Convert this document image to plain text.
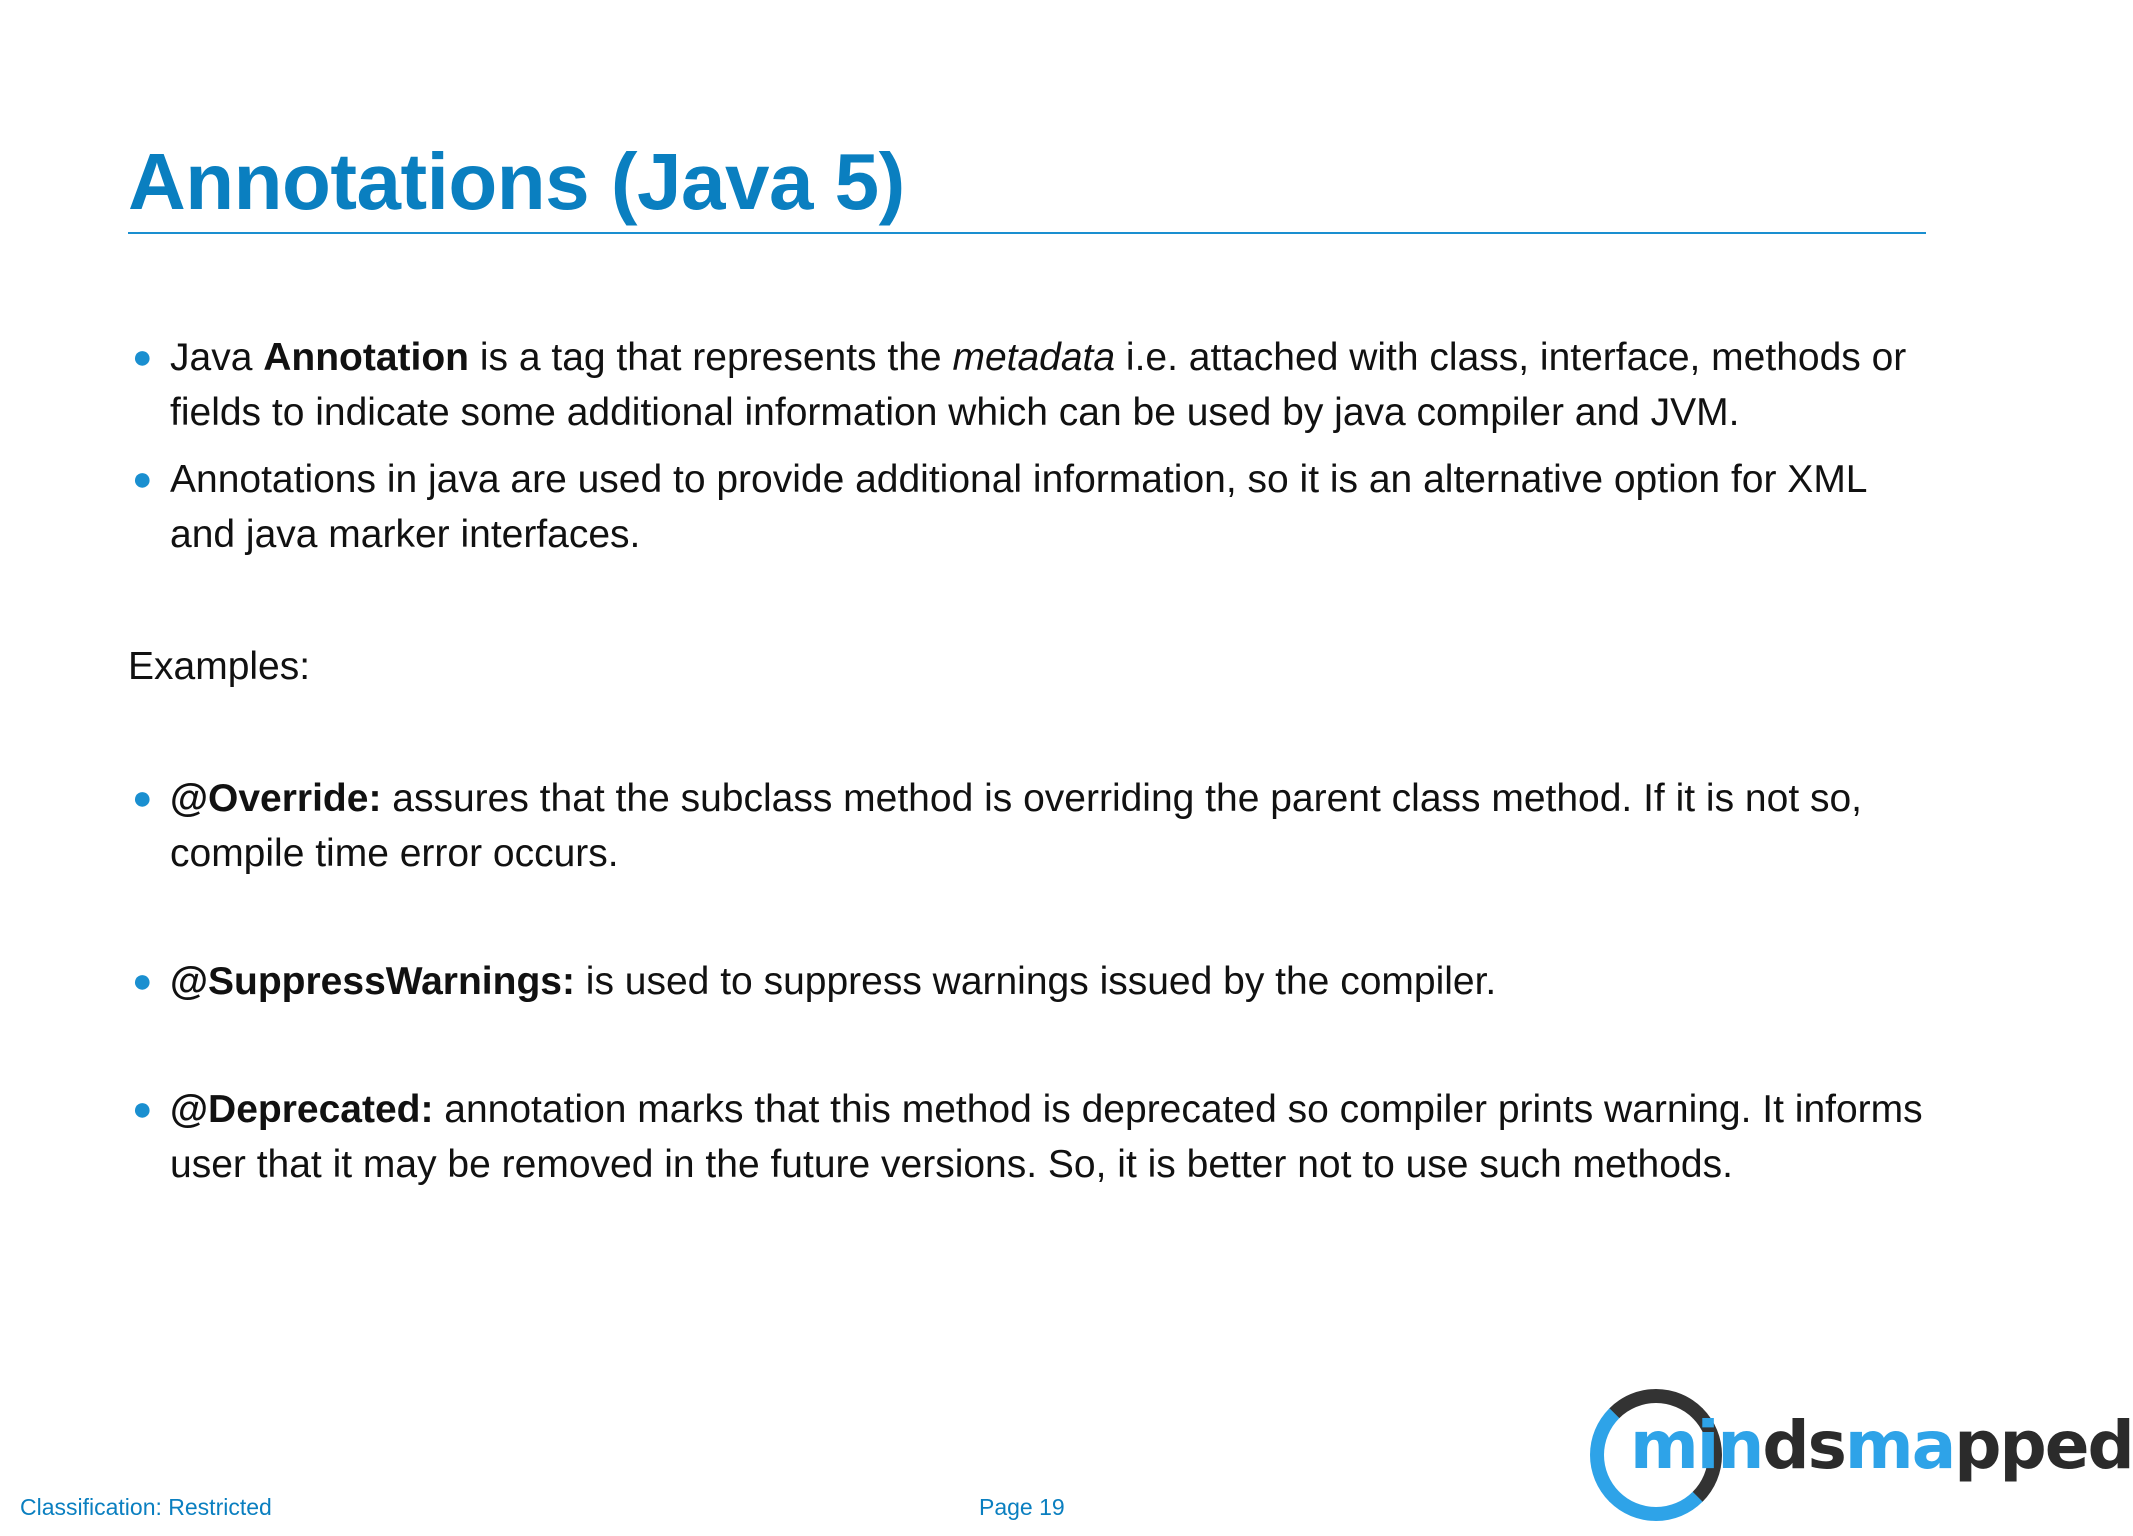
Annotations (Java 5)
● Java Annotation is a tag that represents the metadata i.e. attached with class, interface, methods or fields to indicate some additional information which can be used by java compiler and JVM.
● Annotations in java are used to provide additional information, so it is an alternative option for XML and java marker interfaces.
Examples:
● @Override: assures that the subclass method is overriding the parent class method. If it is not so, compile time error occurs.
● @SuppressWarnings: is used to suppress warnings issued by the compiler.
● @Deprecated: annotation marks that this method is deprecated so compiler prints warning. It informs user that it may be removed in the future versions. So, it is better not to use such methods.
Classification: Restricted	Page 19
mindsmapped
